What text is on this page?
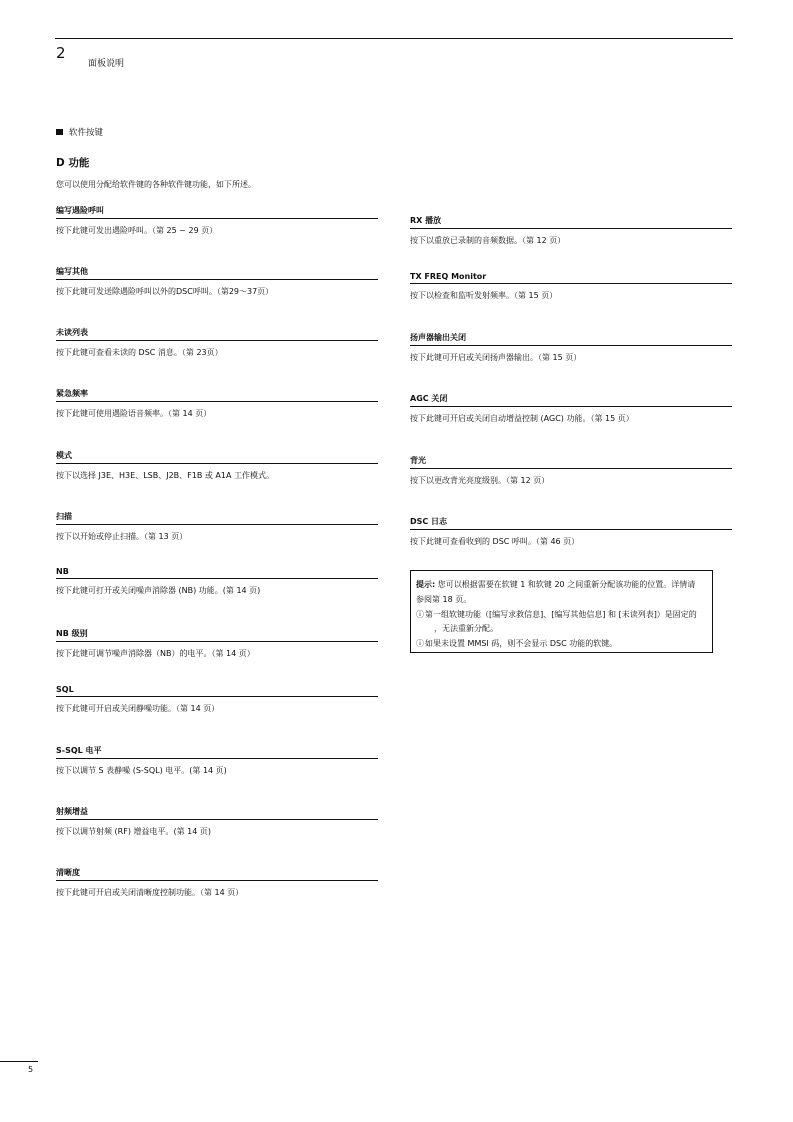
2
面板说明
软件按键
D 功能
您可以使用分配给软件键的各种软件键功能，如下所述。
编写遇险呼叫
按下此键可发出遇险呼叫。（第 25 ~ 29 页）
编写其他
按下此键可发送除遇险呼叫以外的DSC呼叫。（第29〜37页）
未读列表
按下此键可查看未读的 DSC 消息。（第 23页）
紧急频率
按下此键可使用遇险语音频率。（第 14 页）
模式
按下以选择 J3E、H3E、LSB、J2B、F1B 或 A1A 工作模式。
扫描
按下以开始或停止扫描。（第 13 页）
NB
按下此键可打开或关闭噪声消除器 (NB) 功能。(第 14 页)
NB 级别
按下此键可调节噪声消除器（NB）的电平。（第 14 页）
SQL
按下此键可开启或关闭静噪功能。（第 14 页）
S-SQL 电平
按下以调节 S 表静噪 (S-SQL) 电平。(第 14 页)
射频增益
按下以调节射频 (RF) 增益电平。(第 14 页)
清晰度
按下此键可开启或关闭清晰度控制功能。（第 14 页）
RX 播放
按下以重放已录制的音频数据。（第 12 页）
TX FREQ Monitor
按下以检查和监听发射频率。（第 15 页）
扬声器输出关闭
按下此键可开启或关闭扬声器输出。（第 15 页）
AGC 关闭
按下此键可开启或关闭自动增益控制 (AGC) 功能。（第 15 页）
背光
按下以更改背光亮度级别。（第 12 页）
DSC 日志
按下此键可查看收到的 DSC 呼叫。（第 46 页）
提示: 您可以根据需要在软键 1 和软键 20 之间重新分配该功能的位置。详情请
参阅第 18 页。
ⓘ 第一组软键功能（[编写求救信息]、[编写其他信息] 和 [未读列表]）是固定的
，无法重新分配。
ⓘ 如果未设置 MMSI 码，则不会显示 DSC 功能的软键。
5
